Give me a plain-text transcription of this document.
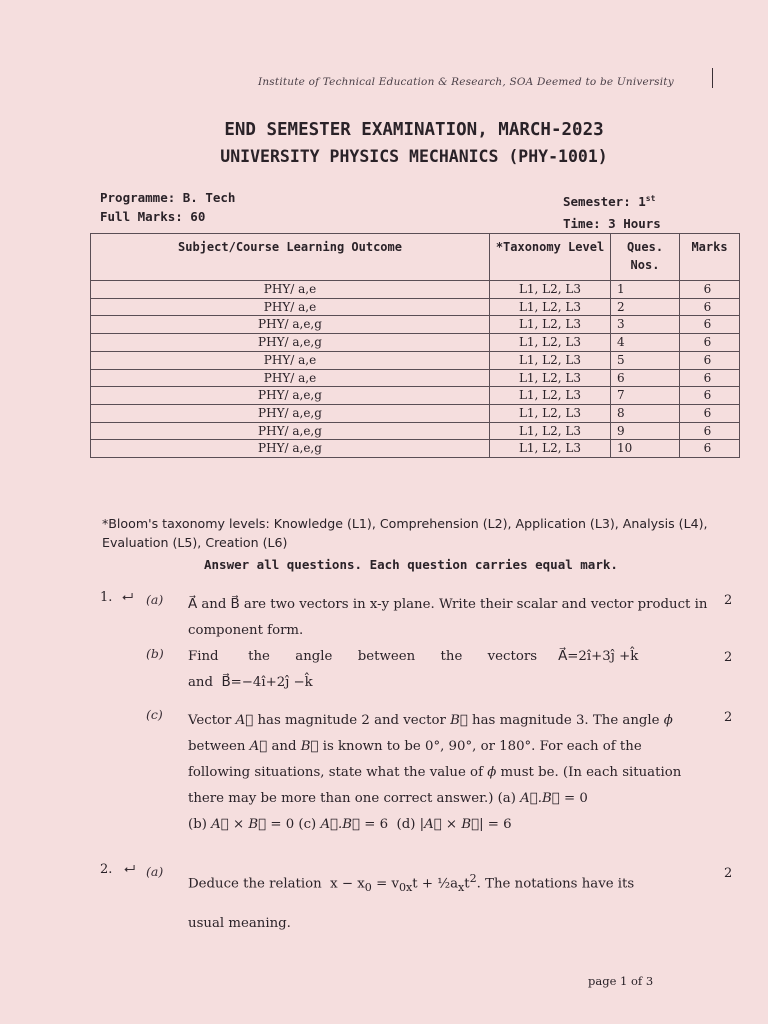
Institute of Technical Education & Research, SOA Deemed to be University
END SEMESTER EXAMINATION, MARCH-2023
UNIVERSITY PHYSICS MECHANICS (PHY-1001)
Programme: B. Tech
Full Marks: 60
Semester: 1st
Time: 3 Hours
Subject/Course Learning Outcome	*Taxonomy Level	Ques. Nos.	Marks
PHY/ a,e	L1, L2, L3	1	6
PHY/ a,e	L1, L2, L3	2	6
PHY/ a,e,g	L1, L2, L3	3	6
PHY/ a,e,g	L1, L2, L3	4	6
PHY/ a,e	L1, L2, L3	5	6
PHY/ a,e	L1, L2, L3	6	6
PHY/ a,e,g	L1, L2, L3	7	6
PHY/ a,e,g	L1, L2, L3	8	6
PHY/ a,e,g	L1, L2, L3	9	6
PHY/ a,e,g	L1, L2, L3	10	6
*Bloom's taxonomy levels: Knowledge (L1), Comprehension (L2), Application (L3), Analysis (L4), Evaluation (L5), Creation (L6)
Answer all questions. Each question carries equal mark.
1. ⮠ (a) A⃗ and B⃗ are two vectors in x-y plane. Write their scalar and vector product in component form.
2
(b) Find       the      angle      between      the      vectors     A⃗=2î+3ĵ +k̂
and  B⃗=−4î+2ĵ −k̂
2
(c) Vector A⃗ has magnitude 2 and vector B⃗ has magnitude 3. The angle ϕ between A⃗ and B⃗ is known to be 0°, 90°, or 180°. For each of the following situations, state what the value of ϕ must be. (In each situation there may be more than one correct answer.) (a) A⃗.B⃗ = 0
(b) A⃗ × B⃗ = 0 (c) A⃗.B⃗ = 6  (d) |A⃗ × B⃗| = 6
2
2. ⮠ (a)
Deduce the relation  $x - x_0 = v_{0x}t$ + $\frac{1}{2}a_xt^2$. The notations have its
usual meaning.
2
page 1 of 3
